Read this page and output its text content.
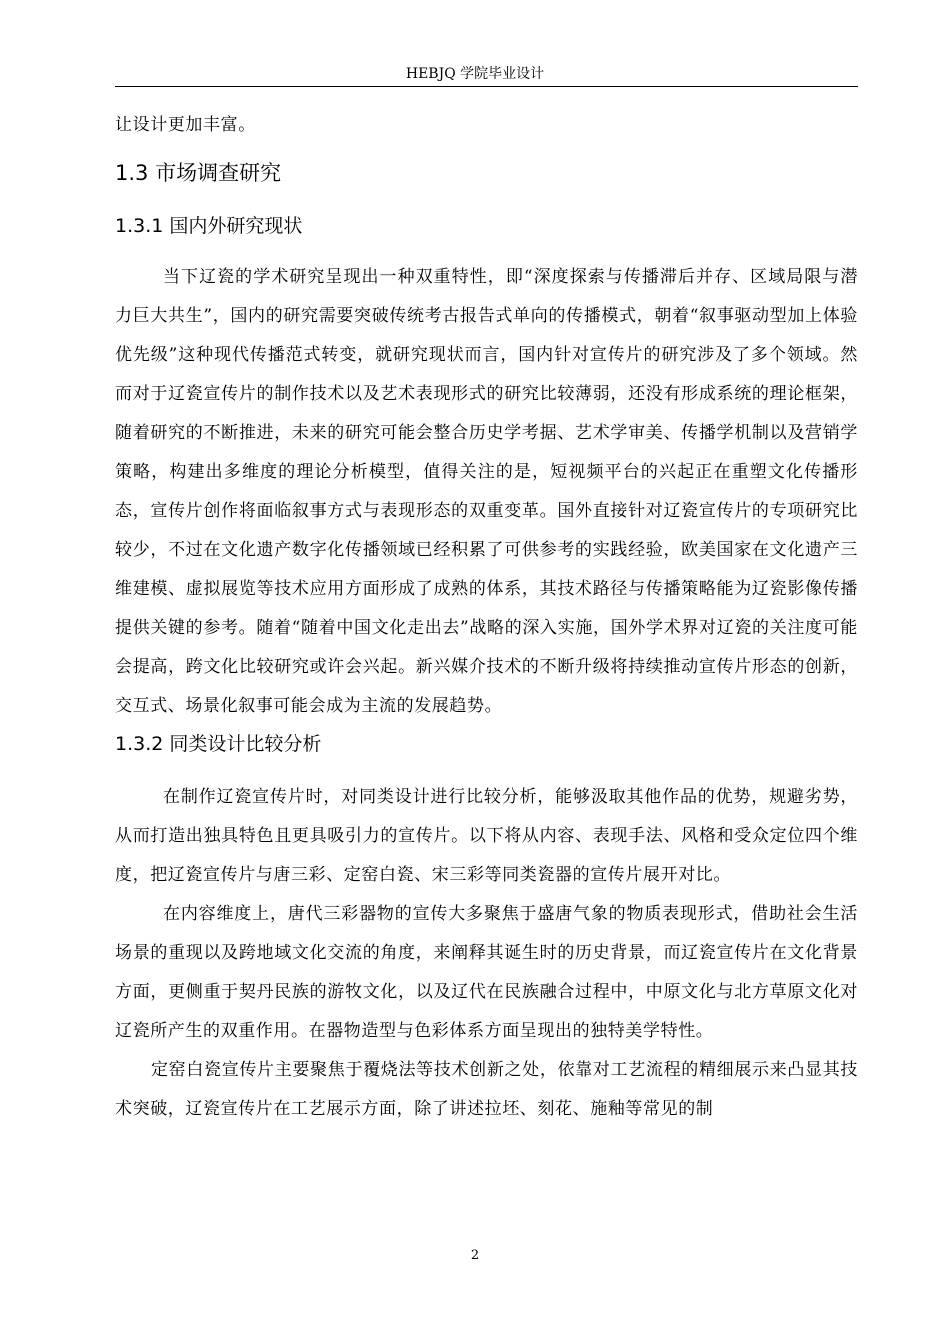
HEBJQ 学院毕业设计

让设计更加丰富。

1.3 市场调查研究
1.3.1 国内外研究现状

当下辽瓷的学术研究呈现出一种双重特性，即“深度探索与传播滞后并存、区域局限与潜力巨大共生”，国内的研究需要突破传统考古报告式单向的传播模式，朝着“叙事驱动型加上体验优先级”这种现代传播范式转变，就研究现状而言，国内针对宣传片的研究涉及了多个领域。然而对于辽瓷宣传片的制作技术以及艺术表现形式的研究比较薄弱，还没有形成系统的理论框架，随着研究的不断推进，未来的研究可能会整合历史学考据、艺术学审美、传播学机制以及营销学策略，构建出多维度的理论分析模型，值得关注的是，短视频平台的兴起正在重塑文化传播形态，宣传片创作将面临叙事方式与表现形态的双重变革。国外直接针对辽瓷宣传片的专项研究比较少，不过在文化遗产数字化传播领域已经积累了可供参考的实践经验，欧美国家在文化遗产三维建模、虚拟展览等技术应用方面形成了成熟的体系，其技术路径与传播策略能为辽瓷影像传播提供关键的参考。随着“随着中国文化走出去”战略的深入实施，国外学术界对辽瓷的关注度可能会提高，跨文化比较研究或许会兴起。新兴媒介技术的不断升级将持续推动宣传片形态的创新，交互式、场景化叙事可能会成为主流的发展趋势。

1.3.2 同类设计比较分析

在制作辽瓷宣传片时，对同类设计进行比较分析，能够汲取其他作品的优势，规避劣势，从而打造出独具特色且更具吸引力的宣传片。以下将从内容、表现手法、风格和受众定位四个维度，把辽瓷宣传片与唐三彩、定窑白瓷、宋三彩等同类瓷器的宣传片展开对比。

在内容维度上，唐代三彩器物的宣传大多聚焦于盛唐气象的物质表现形式，借助社会生活场景的重现以及跨地域文化交流的角度，来阐释其诞生时的历史背景，而辽瓷宣传片在文化背景方面，更侧重于契丹民族的游牧文化，以及辽代在民族融合过程中，中原文化与北方草原文化对辽瓷所产生的双重作用。在器物造型与色彩体系方面呈现出的独特美学特性。

定窑白瓷宣传片主要聚焦于覆烧法等技术创新之处，依靠对工艺流程的精细展示来凸显其技术突破，辽瓷宣传片在工艺展示方面，除了讲述拉坯、刻花、施釉等常见的制

2
